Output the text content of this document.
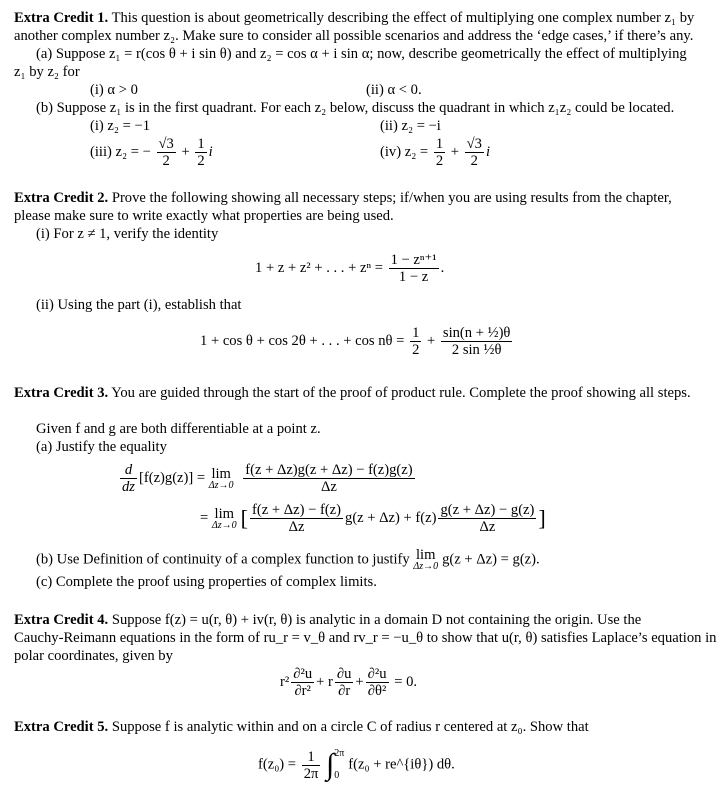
Extra Credit 1. This question is about geometrically describing the effect of multiplying one complex number z₁ by
another complex number z₂. Make sure to consider all possible scenarios and address the ‘edge cases,’ if there’s any.
(a) Suppose z₁ = r(cos θ + i sin θ) and z₂ = cos α + i sin α; now, describe geometrically the effect of multiplying
z₁ by z₂ for
(i) α > 0	(ii) α < 0.
(b) Suppose z₁ is in the first quadrant. For each z₂ below, discuss the quadrant in which z₁z₂ could be located.
(i) z₂ = −1	(ii) z₂ = −i
(iii) z₂ = − $\frac{√3}{2} + \frac{1}{2}$ i	(iv) $z_2 = \frac{1}{2} + \frac{√3}{2}$ i
Extra Credit 2. Prove the following showing all necessary steps; if/when you are using results from the chapter,
please make sure to write exactly what properties are being used.
(i) For z ≠ 1, verify the identity
1 + z + z² + . . . + $z^n = \frac{\text{1 − zⁿ⁺¹}}{1 - z}$ .
(ii) Using the part (i), establish that
1 + cos θ + cos 2θ + . . . + $\cos n\theta = \frac{1}{2} + \frac{\text{sin(n + ½)θ}}{\text{2 sin ½θ}}$
Extra Credit 3. You are guided through the start of the proof of product rule. Complete the proof showing all steps.
Given f and g are both differentiable at a point z.
(a) Justify the equality
$\frac{d}{dz} [f(z)g(z)] = \lim$
Δz→0
$\frac{f(z + \Delta z)g(z + \Delta z) - f(z)g(z)}{\Delta z}$
= lim
Δz→0 [ $\frac{f(z + \Delta z) - f(z)}{\Delta z} g(z + \Delta z) + f(z) \frac{g(z + \Delta z) - g(z)}{\Delta z}$ ]
(b) Use Definition of continuity of a complex function to justify lim
Δz→0 g(z + Δz) = g(z).
(c) Complete the proof using properties of complex limits.
Extra Credit 4. Suppose f(z) = u(r, θ) + iv(r, θ) is analytic in a domain D not containing the origin. Use the
Cauchy-Reimann equations in the form of ru_r = v_θ and rv_r = −u_θ to show that u(r, θ) satisfies Laplace’s equation in
polar coordinates, given by
$r^2 \frac{\text{∂²u}}{\text{∂r²}} + r \frac{\partial u}{\partial r} + \frac{\text{∂²u}}{\text{∂θ²}} = 0$.
Extra Credit 5. Suppose f is analytic within and on a circle C of radius r centered at z₀. Show that
$f(z_0) = \frac{1}{2\pi}$ ∫ 2π
0
f(z₀ + re^{iθ}) dθ.
